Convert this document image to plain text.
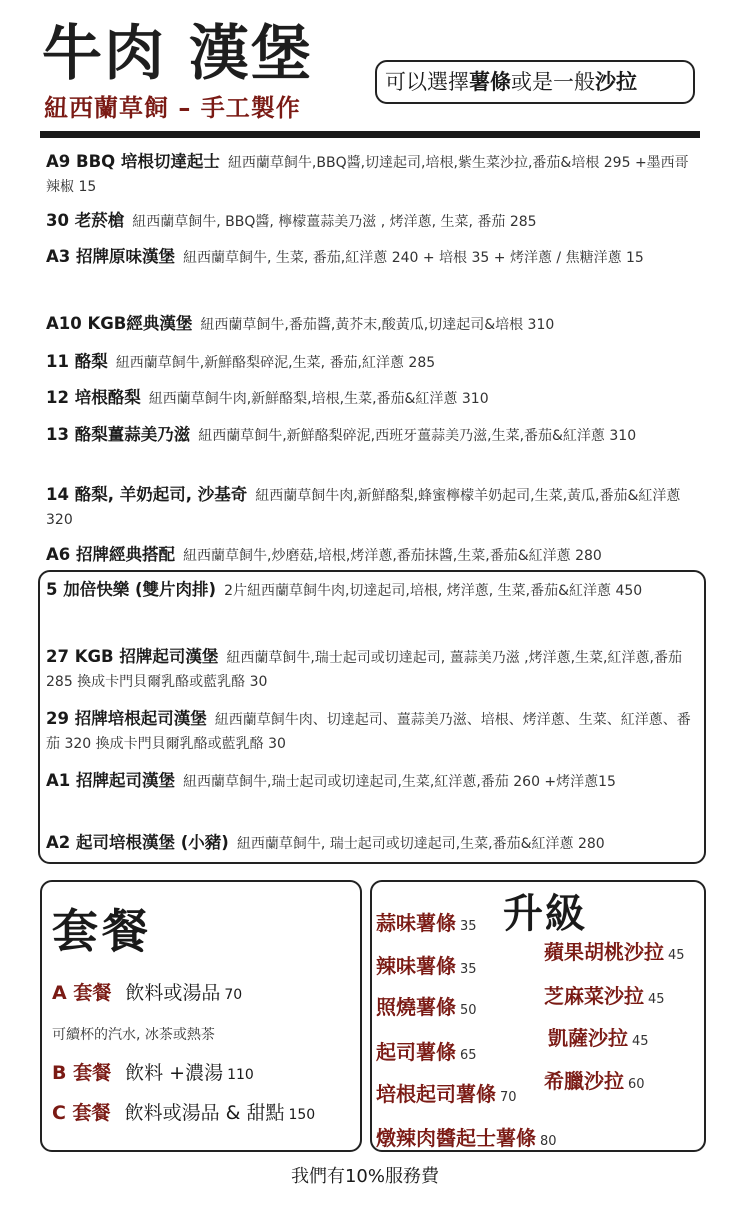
牛肉 漢堡
紐西蘭草飼 – 手工製作
可以選擇薯條或是一般沙拉
A9 BBQ 培根切達起士 紐西蘭草飼牛,BBQ醬,切達起司,培根,紫生菜沙拉,番茄&培根 295 +墨西哥辣椒 15
30 老菸槍 紐西蘭草飼牛, BBQ醬, 檸檬薑蒜美乃滋 , 烤洋蔥, 生菜, 番茄 285
A3 招牌原味漢堡 紐西蘭草飼牛, 生菜, 番茄,紅洋蔥 240 + 培根 35 + 烤洋蔥 / 焦糖洋蔥 15
A10 KGB經典漢堡 紐西蘭草飼牛,番茄醬,黃芥末,酸黃瓜,切達起司&培根 310
11 酪梨 紐西蘭草飼牛,新鮮酪梨碎泥,生菜, 番茄,紅洋蔥 285
12 培根酪梨 紐西蘭草飼牛肉,新鮮酪梨,培根,生菜,番茄&紅洋蔥 310
13 酪梨薑蒜美乃滋 紐西蘭草飼牛,新鮮酪梨碎泥,西班牙薑蒜美乃滋,生菜,番茄&紅洋蔥 310
14 酪梨, 羊奶起司, 沙基奇 紐西蘭草飼牛肉,新鮮酪梨,蜂蜜檸檬羊奶起司,生菜,黃瓜,番茄&紅洋蔥 320
A6 招牌經典搭配 紐西蘭草飼牛,炒磨菇,培根,烤洋蔥,番茄抹醬,生菜,番茄&紅洋蔥 280
5 加倍快樂 (雙片肉排) 2片紐西蘭草飼牛肉,切達起司,培根, 烤洋蔥, 生菜,番茄&紅洋蔥 450
27 KGB 招牌起司漢堡 紐西蘭草飼牛,瑞士起司或切達起司, 薑蒜美乃滋 ,烤洋蔥,生菜,紅洋蔥,番茄 285 換成卡門貝爾乳酪或藍乳酪 30
29 招牌培根起司漢堡 紐西蘭草飼牛肉、切達起司、薑蒜美乃滋、培根、烤洋蔥、生菜、紅洋蔥、番茄 320 換成卡門貝爾乳酪或藍乳酪 30
A1 招牌起司漢堡 紐西蘭草飼牛,瑞士起司或切達起司,生菜,紅洋蔥,番茄 260 +烤洋蔥15
A2 起司培根漢堡 (小豬) 紐西蘭草飼牛, 瑞士起司或切達起司,生菜,番茄&紅洋蔥 280
套餐
A 套餐 飲料或湯品 70
可續杯的汽水, 冰茶或熱茶
B 套餐 飲料 +濃湯 110
C 套餐 飲料或湯品 & 甜點 150
升級
蒜味薯條 35
辣味薯條 35
照燒薯條 50
起司薯條 65
培根起司薯條 70
燉辣肉醬起士薯條 80
蘋果胡桃沙拉 45
芝麻菜沙拉 45
凱薩沙拉 45
希臘沙拉 60
我們有10%服務費
